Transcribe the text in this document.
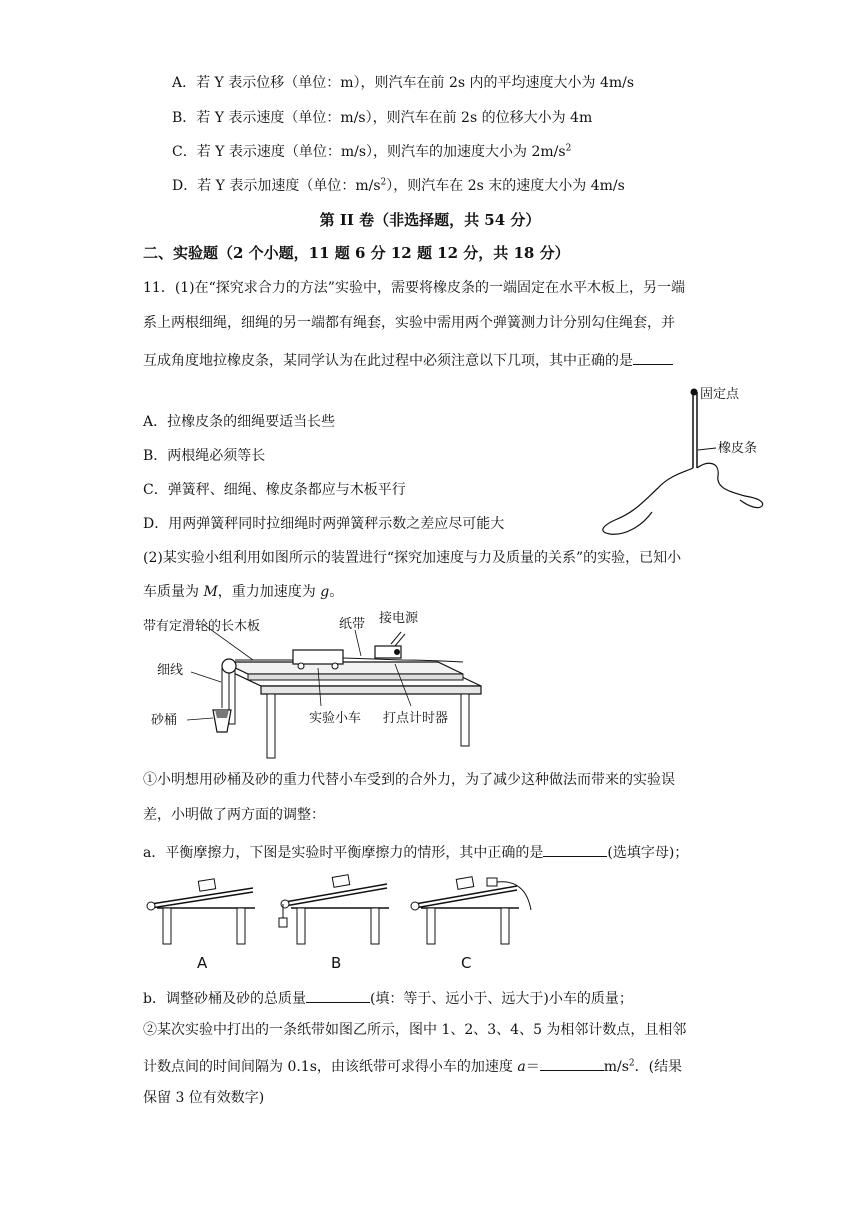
A．若 Y 表示位移（单位：m），则汽车在前 2s 内的平均速度大小为 4m/s
B．若 Y 表示速度（单位：m/s），则汽车在前 2s 的位移大小为 4m
C．若 Y 表示速度（单位：m/s），则汽车的加速度大小为 $2m/s^2$
D．若 Y 表示加速度（单位：$m/s^2$），则汽车在 2s 末的速度大小为 4m/s
第 II 卷（非选择题，共 54 分）
二、实验题（2 个小题，11 题 6 分 12 题 12 分，共 18 分）
11．(1)在“探究求合力的方法”实验中，需要将橡皮条的一端固定在水平木板上，另一端
系上两根细绳，细绳的另一端都有绳套，实验中需用两个弹簧测力计分别勾住绳套，并
互成角度地拉橡皮条，某同学认为在此过程中必须注意以下几项，其中正确的是
A．拉橡皮条的细绳要适当长些
B．两根绳必须等长
C．弹簧秤、细绳、橡皮条都应与木板平行
D．用两弹簧秤同时拉细绳时两弹簧秤示数之差应尽可能大
固定点
橡皮条
(2)某实验小组利用如图所示的装置进行“探究加速度与力及质量的关系”的实验，已知小
车质量为 M，重力加速度为 g。
带有定滑轮的长木板	纸带 接电源
细线
砂桶	实验小车 打点计时器
①小明想用砂桶及砂的重力代替小车受到的合外力，为了减少这种做法而带来的实验误
差，小明做了两方面的调整：
a．平衡摩擦力，下图是实验时平衡摩擦力的情形，其中正确的是	(选填字母)；
A	B	C
b．调整砂桶及砂的总质量	(填：等于、远小于、远大于)小车的质量；
②某次实验中打出的一条纸带如图乙所示，图中 1、2、3、4、5 为相邻计数点，且相邻
计数点间的时间间隔为 0.1s，由该纸带可求得小车的加速度 a＝	$m/s^2$．(结果
保留 3 位有效数字)
